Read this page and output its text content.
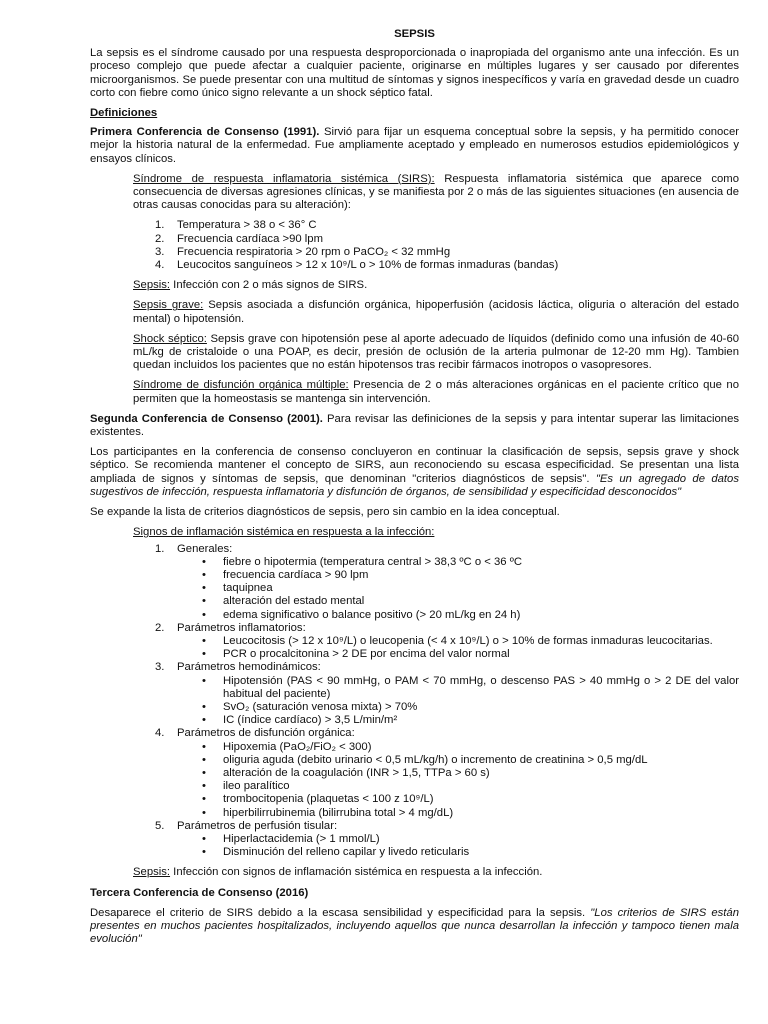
SEPSIS

La sepsis es el síndrome causado por una respuesta desproporcionada o inapropiada del organismo ante una infección. Es un proceso complejo que puede afectar a cualquier paciente, originarse en múltiples lugares y ser causado por diferentes microorganismos. Se puede presentar con una multitud de síntomas y signos inespecíficos y varía en gravedad desde un cuadro corto con fiebre como único signo relevante a un shock séptico fatal.

Definiciones

Primera Conferencia de Consenso (1991). Sirvió para fijar un esquema conceptual sobre la sepsis, y ha permitido conocer mejor la historia natural de la enfermedad. Fue ampliamente aceptado y empleado en numerosos estudios epidemiológicos y ensayos clínicos.

Síndrome de respuesta inflamatoria sistémica (SIRS): Respuesta inflamatoria sistémica que aparece como consecuencia de diversas agresiones clínicas, y se manifiesta por 2 o más de las siguientes situaciones (en ausencia de otras causas conocidas para su alteración):

1. Temperatura > 38 o < 36° C
2. Frecuencia cardíaca >90 lpm
3. Frecuencia respiratoria > 20 rpm o PaCO₂ < 32 mmHg
4. Leucocitos sanguíneos > 12 x 10⁹/L o > 10% de formas inmaduras (bandas)

Sepsis: Infección con 2 o más signos de SIRS.

Sepsis grave: Sepsis asociada a disfunción orgánica, hipoperfusión (acidosis láctica, oliguria o alteración del estado mental) o hipotensión.

Shock séptico: Sepsis grave con hipotensión pese al aporte adecuado de líquidos (definido como una infusión de 40-60 mL/kg de cristaloide o una POAP, es decir, presión de oclusión de la arteria pulmonar de 12-20 mm Hg). Tambien quedan incluidos los pacientes que no están hipotensos tras recibir fármacos inotropos o vasopresores.

Síndrome de disfunción orgánica múltiple: Presencia de 2 o más alteraciones orgánicas en el paciente crítico que no permiten que la homeostasis se mantenga sin intervención.

Segunda Conferencia de Consenso (2001). Para revisar las definiciones de la sepsis y para intentar superar las limitaciones existentes.

Los participantes en la conferencia de consenso concluyeron en continuar la clasificación de sepsis, sepsis grave y shock séptico. Se recomienda mantener el concepto de SIRS, aun reconociendo su escasa especificidad. Se presentan una lista ampliada de signos y síntomas de sepsis, que denominan "criterios diagnósticos de sepsis". "Es un agregado de datos sugestivos de infección, respuesta inflamatoria y disfunción de órganos, de sensibilidad y especificidad desconocidos"

Se expande la lista de criterios diagnósticos de sepsis, pero sin cambio en la idea conceptual.

Signos de inflamación sistémica en respuesta a la infección:

1. Generales:
• fiebre o hipotermia (temperatura central > 38,3 ºC o < 36 ºC
• frecuencia cardíaca > 90 lpm
• taquipnea
• alteración del estado mental
• edema significativo o balance positivo (> 20 mL/kg en 24 h)
2. Parámetros inflamatorios:
• Leucocitosis (> 12 x 10⁹/L) o leucopenia (< 4 x 10⁹/L) o > 10% de formas inmaduras leucocitarias.
• PCR o procalcitonina > 2 DE por encima del valor normal
3. Parámetros hemodinámicos:
• Hipotensión (PAS < 90 mmHg, o PAM < 70 mmHg, o descenso PAS > 40 mmHg o > 2 DE del valor habitual del paciente)
• SvO₂ (saturación venosa mixta) > 70%
• IC (índice cardíaco) > 3,5 L/min/m²
4. Parámetros de disfunción orgánica:
• Hipoxemia (PaO₂/FiO₂ < 300)
• oliguria aguda (debito urinario < 0,5 mL/kg/h) o incremento de creatinina > 0,5 mg/dL
• alteración de la coagulación (INR > 1,5, TTPa > 60 s)
• ileo paralítico
• trombocitopenia (plaquetas < 100 z 10⁹/L)
• hiperbilirrubinemia (bilirrubina total > 4 mg/dL)
5. Parámetros de perfusión tisular:
• Hiperlactacidemia (> 1 mmol/L)
• Disminución del relleno capilar y livedo reticularis

Sepsis: Infección con signos de inflamación sistémica en respuesta a la infección.

Tercera Conferencia de Consenso (2016)

Desaparece el criterio de SIRS debido a la escasa sensibilidad y especificidad para la sepsis. "Los criterios de SIRS están presentes en muchos pacientes hospitalizados, incluyendo aquellos que nunca desarrollan la infección y tampoco tienen mala evolución"
